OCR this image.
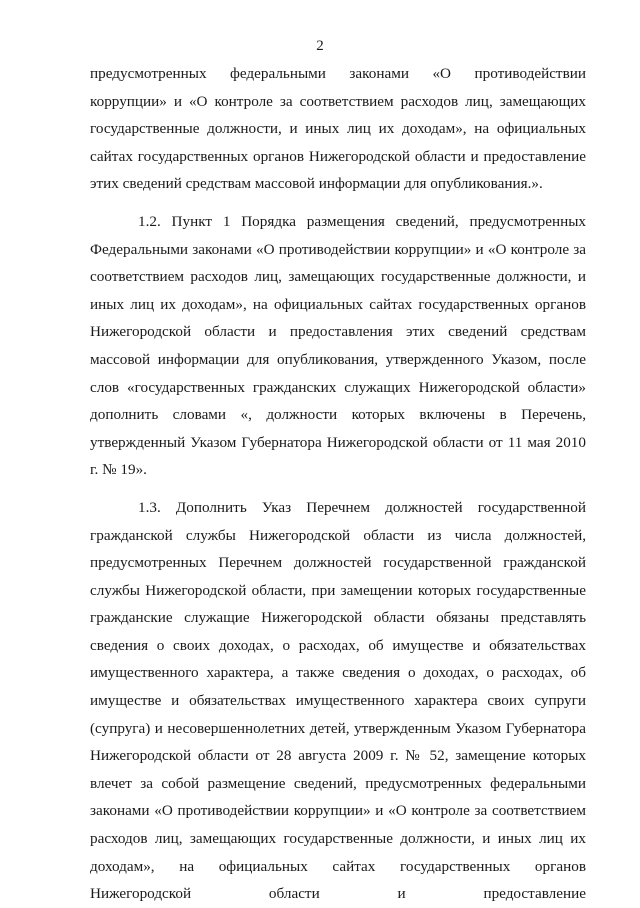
2

предусмотренных федеральными законами «О противодействии коррупции» и «О контроле за соответствием расходов лиц, замещающих государственные должности, и иных лиц их доходам», на официальных сайтах государственных органов Нижегородской области и предоставление этих сведений средствам массовой информации для опубликования.».

1.2. Пункт 1 Порядка размещения сведений, предусмотренных Федеральными законами «О противодействии коррупции» и «О контроле за соответствием расходов лиц, замещающих государственные должности, и иных лиц их доходам», на официальных сайтах государственных органов Нижегородской области и предоставления этих сведений средствам массовой информации для опубликования, утвержденного Указом, после слов «государственных гражданских служащих Нижегородской области» дополнить словами «, должности которых включены в Перечень, утвержденный Указом Губернатора Нижегородской области от 11 мая 2010 г. № 19».

1.3. Дополнить Указ Перечнем должностей государственной гражданской службы Нижегородской области из числа должностей, предусмотренных Перечнем должностей государственной гражданской службы Нижегородской области, при замещении которых государственные гражданские служащие Нижегородской области обязаны представлять сведения о своих доходах, о расходах, об имуществе и обязательствах имущественного характера, а также сведения о доходах, о расходах, об имуществе и обязательствах имущественного характера своих супруги (супруга) и несовершеннолетних детей, утвержденным Указом Губернатора Нижегородской области от 28 августа 2009 г. № 52, замещение которых влечет за собой размещение сведений, предусмотренных федеральными законами «О противодействии коррупции» и «О контроле за соответствием расходов лиц, замещающих государственные должности, и иных лиц их доходам», на официальных сайтах государственных органов Нижегородской области и предоставление
